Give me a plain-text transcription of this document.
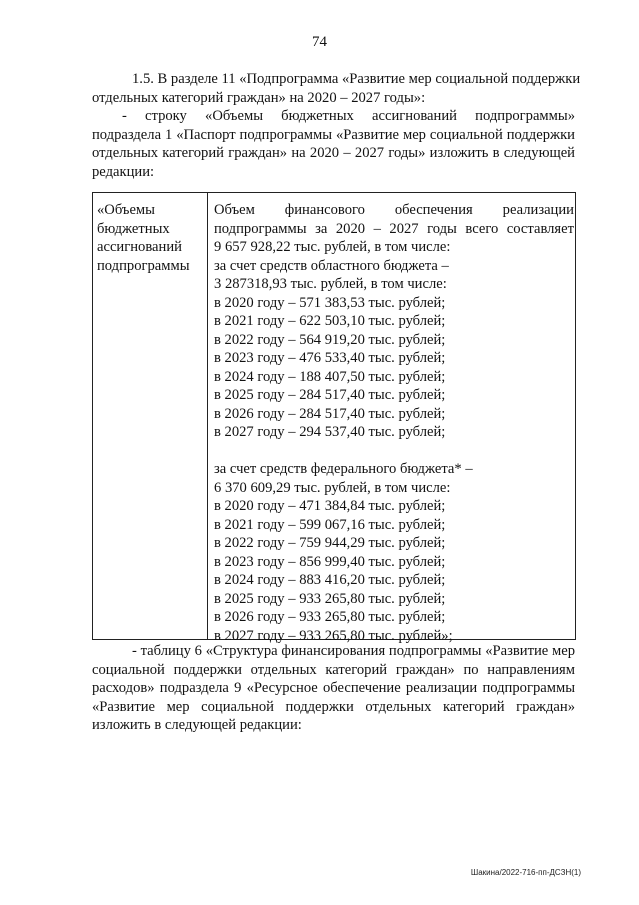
74
1.5. В разделе 11 «Подпрограмма «Развитие мер социальной поддержки
отдельных категорий граждан» на 2020 – 2027 годы»:
- строку «Объемы бюджетных ассигнований подпрограммы»
подраздела 1 «Паспорт подпрограммы «Развитие мер социальной поддержки
отдельных категорий граждан» на 2020 – 2027 годы» изложить в следующей
редакции:
«Объемы
бюджетных
ассигнований
подпрограммы
Объем финансового обеспечения реализации
подпрограммы за 2020 – 2027 годы всего составляет
9 657 928,22 тыс. рублей, в том числе:
за счет средств областного бюджета –
3 287318,93 тыс. рублей, в том числе:
в 2020 году – 571 383,53 тыс. рублей;
в 2021 году – 622 503,10 тыс. рублей;
в 2022 году – 564 919,20 тыс. рублей;
в 2023 году – 476 533,40 тыс. рублей;
в 2024 году – 188 407,50 тыс. рублей;
в 2025 году – 284 517,40 тыс. рублей;
в 2026 году – 284 517,40 тыс. рублей;
в 2027 году – 294 537,40 тыс. рублей;
за счет средств федерального бюджета* –
6 370 609,29 тыс. рублей, в том числе:
в 2020 году – 471 384,84 тыс. рублей;
в 2021 году – 599 067,16 тыс. рублей;
в 2022 году – 759 944,29 тыс. рублей;
в 2023 году – 856 999,40 тыс. рублей;
в 2024 году – 883 416,20 тыс. рублей;
в 2025 году – 933 265,80 тыс. рублей;
в 2026 году – 933 265,80 тыс. рублей;
в 2027 году – 933 265,80 тыс. рублей»;
- таблицу 6 «Структура финансирования подпрограммы «Развитие мер
социальной поддержки отдельных категорий граждан» по направлениям
расходов» подраздела 9 «Ресурсное обеспечение реализации подпрограммы
«Развитие мер социальной поддержки отдельных категорий граждан»
изложить в следующей редакции:
Шакина/2022-716-пп-ДСЗН(1)
